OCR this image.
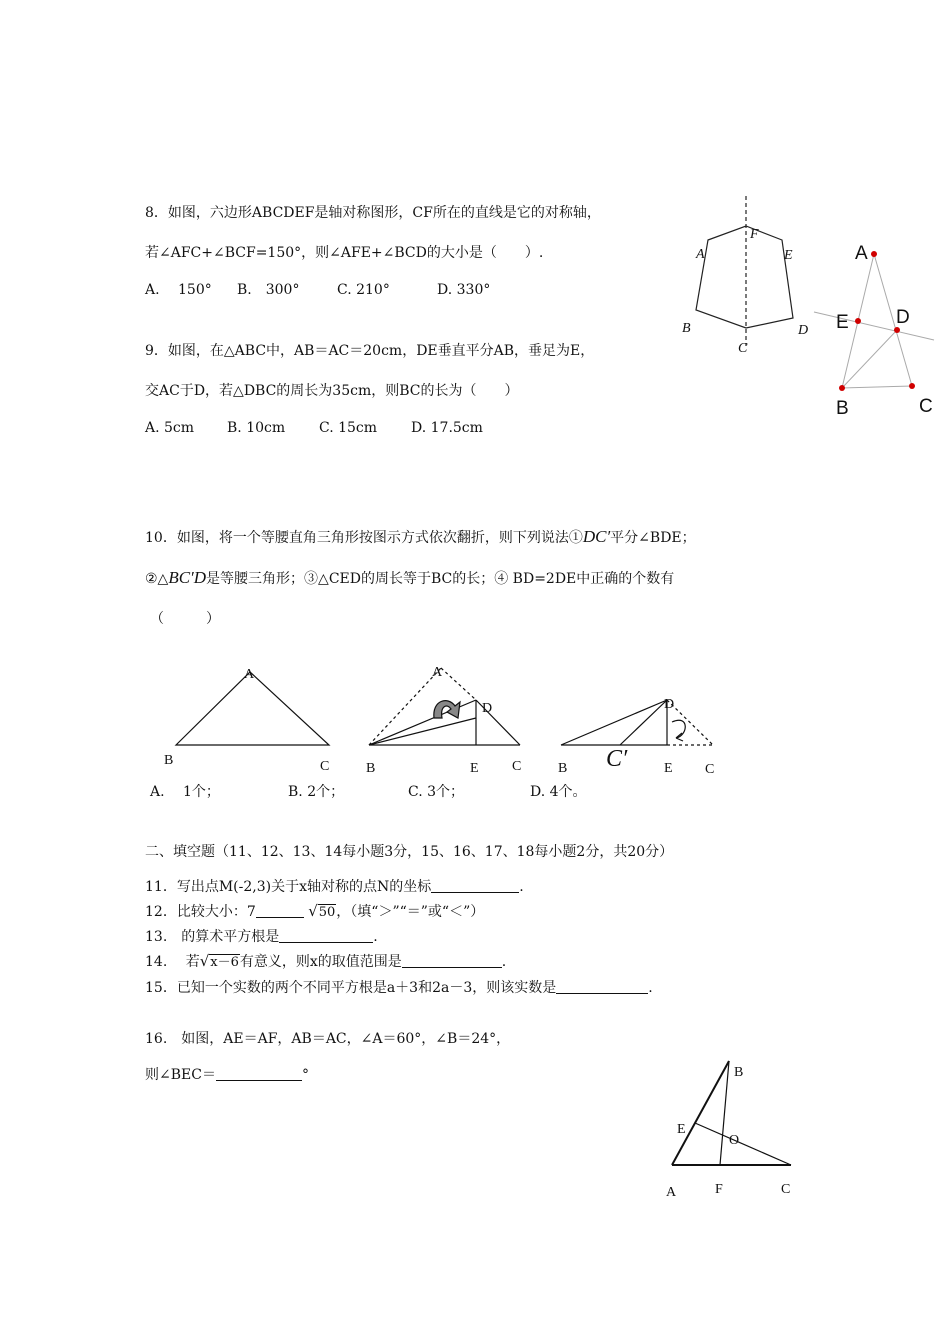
8．如图，六边形ABCDEF是轴对称图形，CF所在的直线是它的对称轴，
若∠AFC+∠BCF=150°，则∠AFE+∠BCD的大小是（　　）.
A.　 150° B.　300°	C. 210°	D. 330°
9．如图，在△ABC中，AB＝AC＝20cm，DE垂直平分AB，垂足为E，
交AC于D，若△DBC的周长为35cm，则BC的长为（　　）
A. 5cm B. 10cm C. 15cm D. 17.5cm
10．如图，将一个等腰直角三角形按图示方式依次翻折，则下列说法①DC′平分∠BDE；
②△BC′D是等腰三角形；③△CED的周长等于BC的长；④ BD=2DE中正确的个数有
（　　　）
A.　 1个；	B. 2个；	C. 3个；	D. 4个。
二、填空题（11、12、13、14每小题3分，15、16、17、18每小题2分，共20分）
11．写出点M(-2,3)关于x轴对称的点N的坐标	.
12．比较大小：7	√50，（填“＞”“＝”或“＜”）
13.　的算术平方根是	.
14.　 若√x－6有意义，则x的取值范围是	.
15．已知一个实数的两个不同平方根是a＋3和2a－3，则该实数是	.
16.　如图，AE＝AF，AB＝AC，∠A＝60°，∠B＝24°，
则∠BEC＝	°
A
F
E
B
C
D
A
E D
B	C
A
B	C
A
D
B	E C
D
C′
B	E C
B
E
O
A	F	C
